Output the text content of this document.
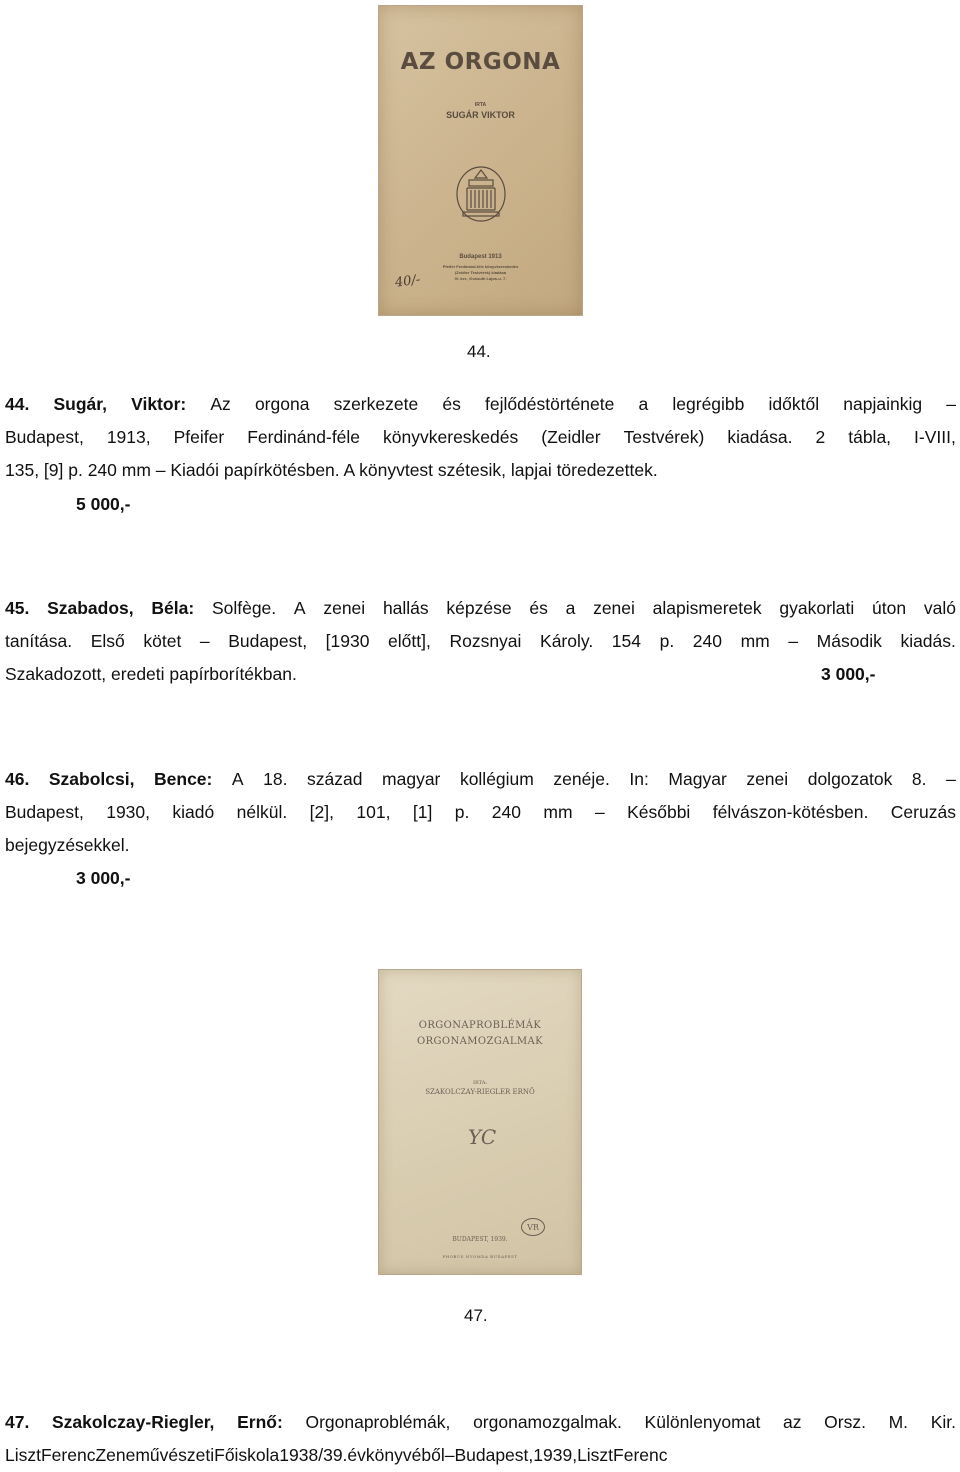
AZ ORGONA
IRTA
SUGÁR VIKTOR
Budapest 1913
Pfeifer Ferdinánd-féle könyvkereskedés
(Zeidler Testvérek) kiadása
IV. ker., Kossuth Lajos-u. 7.
40/-
44.
44. Sugár, Viktor: Az orgona szerkezete és fejlődéstörténete a legrégibb időktől napjainkig –
Budapest, 1913, Pfeifer Ferdinánd-féle könyvkereskedés (Zeidler Testvérek) kiadása. 2 tábla, I-VIII,
135, [9] p. 240 mm – Kiadói papírkötésben. A könyvtest szétesik, lapjai töredezettek.
5 000,-
45. Szabados, Béla: Solfège. A zenei hallás képzése és a zenei alapismeretek gyakorlati úton való
tanítása. Első kötet – Budapest, [1930 előtt], Rozsnyai Károly. 154 p. 240 mm – Második kiadás.
Szakadozott, eredeti papírborítékban.	3 000,-
46. Szabolcsi, Bence: A 18. század magyar kollégium zenéje. In: Magyar zenei dolgozatok 8. –
Budapest, 1930, kiadó nélkül. [2], 101, [1] p. 240 mm – Későbbi félvászon-kötésben. Ceruzás
bejegyzésekkel.
3 000,-
ORGONAPROBLÉMÁK
ORGONAMOZGALMAK
IRTA:
SZAKOLCZAY-RIEGLER ERNŐ
YC
VR
BUDAPEST, 1939.
PHOBUS NYOMDA BUDAPEST
47.
47. Szakolczay-Riegler, Ernő: Orgonaproblémák, orgonamozgalmak. Különlenyomat az Orsz. M. Kir.
Liszt Ferenc Zeneművészeti Főiskola 1938/39. évkönyvéből – Budapest, 1939, Liszt Ferenc
